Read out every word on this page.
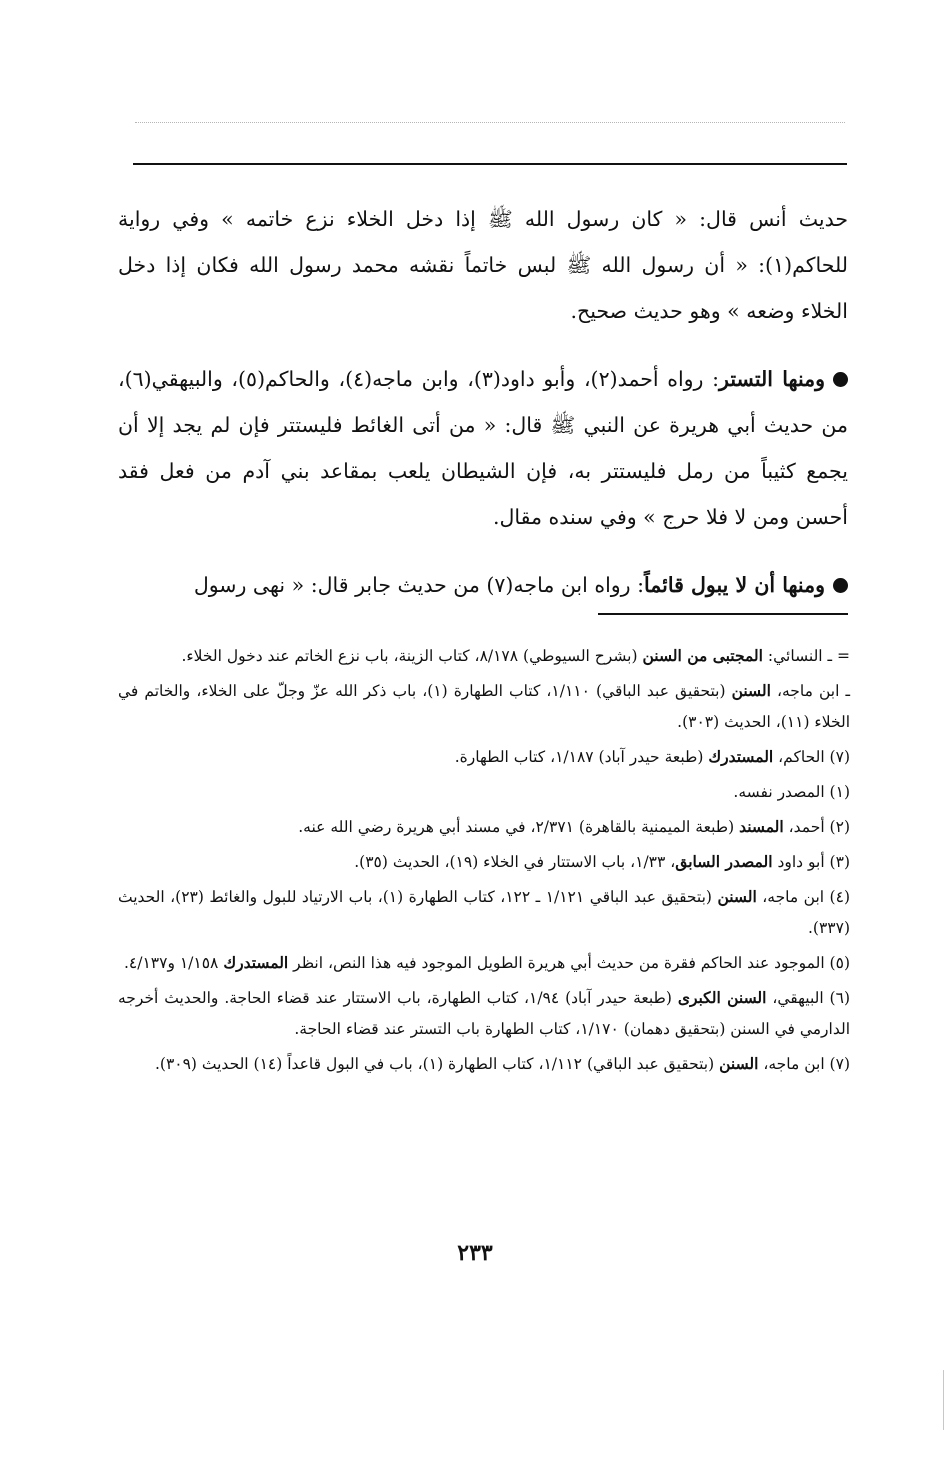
حديث أنس قال: « كان رسول الله ﷺ إذا دخل الخلاء نزع خاتمه » وفي رواية للحاكم(١): « أن رسول الله ﷺ لبس خاتماً نقشه محمد رسول الله فكان إذا دخل الخلاء وضعه » وهو حديث صحيح.

ومنها التستر: رواه أحمد(٢)، وأبو داود(٣)، وابن ماجه(٤)، والحاكم(٥)، والبيهقي(٦)، من حديث أبي هريرة عن النبي ﷺ قال: « من أتى الغائط فليستتر فإن لم يجد إلا أن يجمع كثيباً من رمل فليستتر به، فإن الشيطان يلعب بمقاعد بني آدم من فعل فقد أحسن ومن لا فلا حرج » وفي سنده مقال.

ومنها أن لا يبول قائماً: رواه ابن ماجه(٧) من حديث جابر قال: « نهى رسول

= ـ النسائي: المجتبى من السنن (بشرح السيوطي) ٨/١٧٨، كتاب الزينة، باب نزع الخاتم عند دخول الخلاء.

ـ ابن ماجه، السنن (بتحقيق عبد الباقي) ١/١١٠، كتاب الطهارة (١)، باب ذكر الله عزّ وجلّ على الخلاء، والخاتم في الخلاء (١١)، الحديث (٣٠٣).

(٧) الحاكم، المستدرك (طبعة حيدر آباد) ١/١٨٧، كتاب الطهارة.

(١) المصدر نفسه.

(٢) أحمد، المسند (طبعة الميمنية بالقاهرة) ٢/٣٧١، في مسند أبي هريرة رضي الله عنه.

(٣) أبو داود المصدر السابق، ١/٣٣، باب الاستتار في الخلاء (١٩)، الحديث (٣٥).

(٤) ابن ماجه، السنن (بتحقيق عبد الباقي ١/١٢١ ـ ١٢٢، كتاب الطهارة (١)، باب الارتياد للبول والغائط (٢٣)، الحديث (٣٣٧).

(٥) الموجود عند الحاكم فقرة من حديث أبي هريرة الطويل الموجود فيه هذا النص، انظر المستدرك ١/١٥٨ و٤/١٣٧.

(٦) البيهقي، السنن الكبرى (طبعة حيدر آباد) ١/٩٤، كتاب الطهارة، باب الاستتار عند قضاء الحاجة. والحديث أخرجه الدارمي في السنن (بتحقيق دهمان) ١/١٧٠، كتاب الطهارة باب التستر عند قضاء الحاجة.

(٧) ابن ماجه، السنن (بتحقيق عبد الباقي) ١/١١٢، كتاب الطهارة (١)، باب في البول قاعداً (١٤) الحديث (٣٠٩).

٢٣٣
